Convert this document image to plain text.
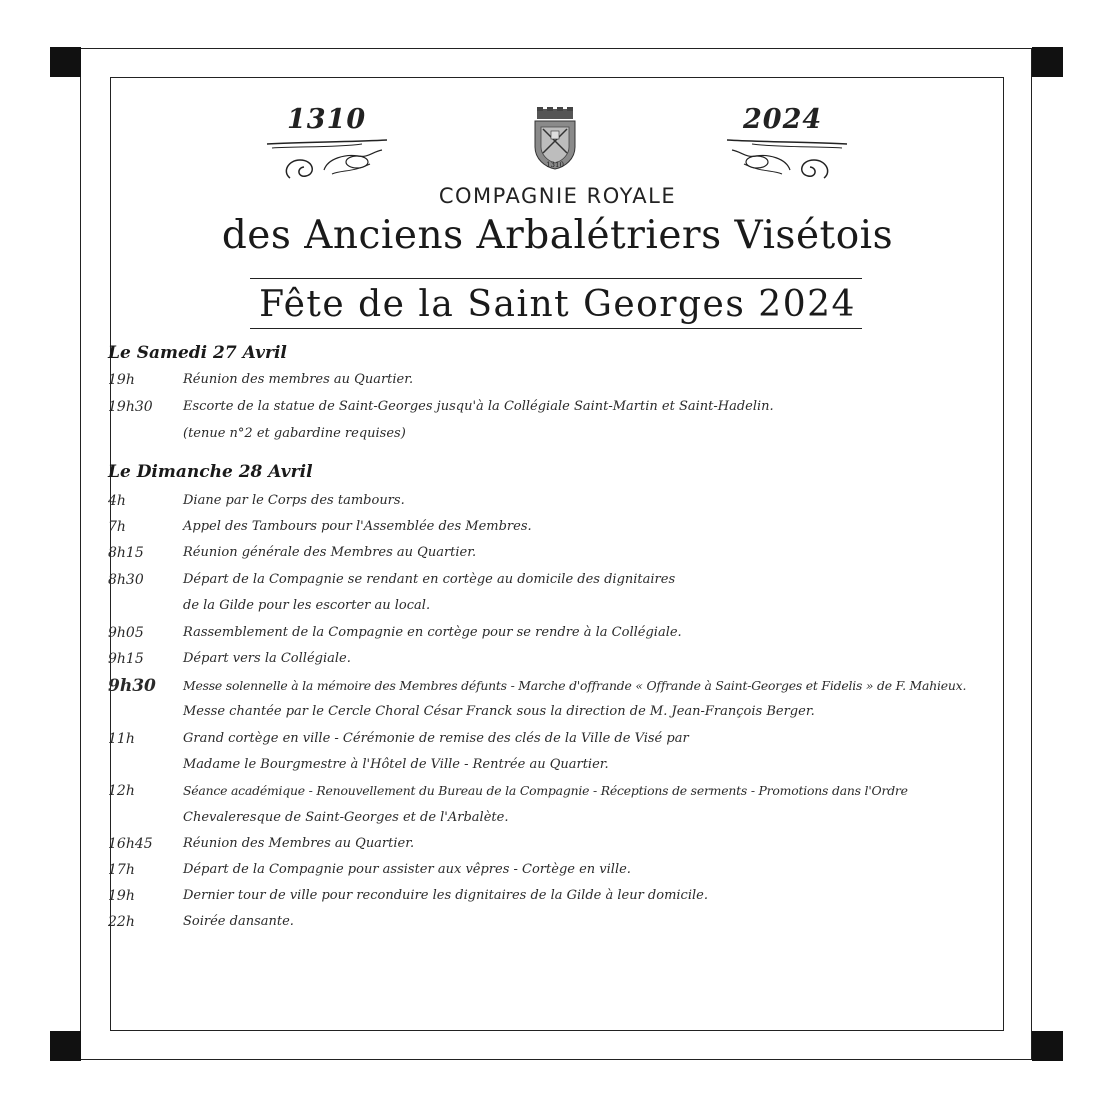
1310	2024
1310
COMPAGNIE ROYALE
des Anciens Arbalétriers Visétois
Fête de la Saint Georges 2024
Le Samedi 27 Avril
19h	Réunion des membres au Quartier.
19h30	Escorte de la statue de Saint-Georges jusqu'à la Collégiale Saint-Martin et Saint-Hadelin.
(tenue n°2 et gabardine requises)
Le Dimanche 28 Avril
4h	Diane par le Corps des tambours.
7h	Appel des Tambours pour l'Assemblée des Membres.
8h15	Réunion générale des Membres au Quartier.
8h30	Départ de la Compagnie se rendant en cortège au domicile des dignitaires
de la Gilde pour les escorter au local.
9h05	Rassemblement de la Compagnie en cortège pour se rendre à la Collégiale.
9h15	Départ vers la Collégiale.
9h30	Messe solennelle à la mémoire des Membres défunts - Marche d'offrande « Offrande à Saint-Georges et Fidelis » de F. Mahieux.
Messe chantée par le Cercle Choral César Franck sous la direction de M. Jean-François Berger.
11h	Grand cortège en ville - Cérémonie de remise des clés de la Ville de Visé par
Madame le Bourgmestre à l'Hôtel de Ville - Rentrée au Quartier.
12h	Séance académique - Renouvellement du Bureau de la Compagnie - Réceptions de serments - Promotions dans l'Ordre
Chevaleresque de Saint-Georges et de l'Arbalète.
16h45	Réunion des Membres au Quartier.
17h	Départ de la Compagnie pour assister aux vêpres - Cortège en ville.
19h	Dernier tour de ville pour reconduire les dignitaires de la Gilde à leur domicile.
22h	Soirée dansante.
